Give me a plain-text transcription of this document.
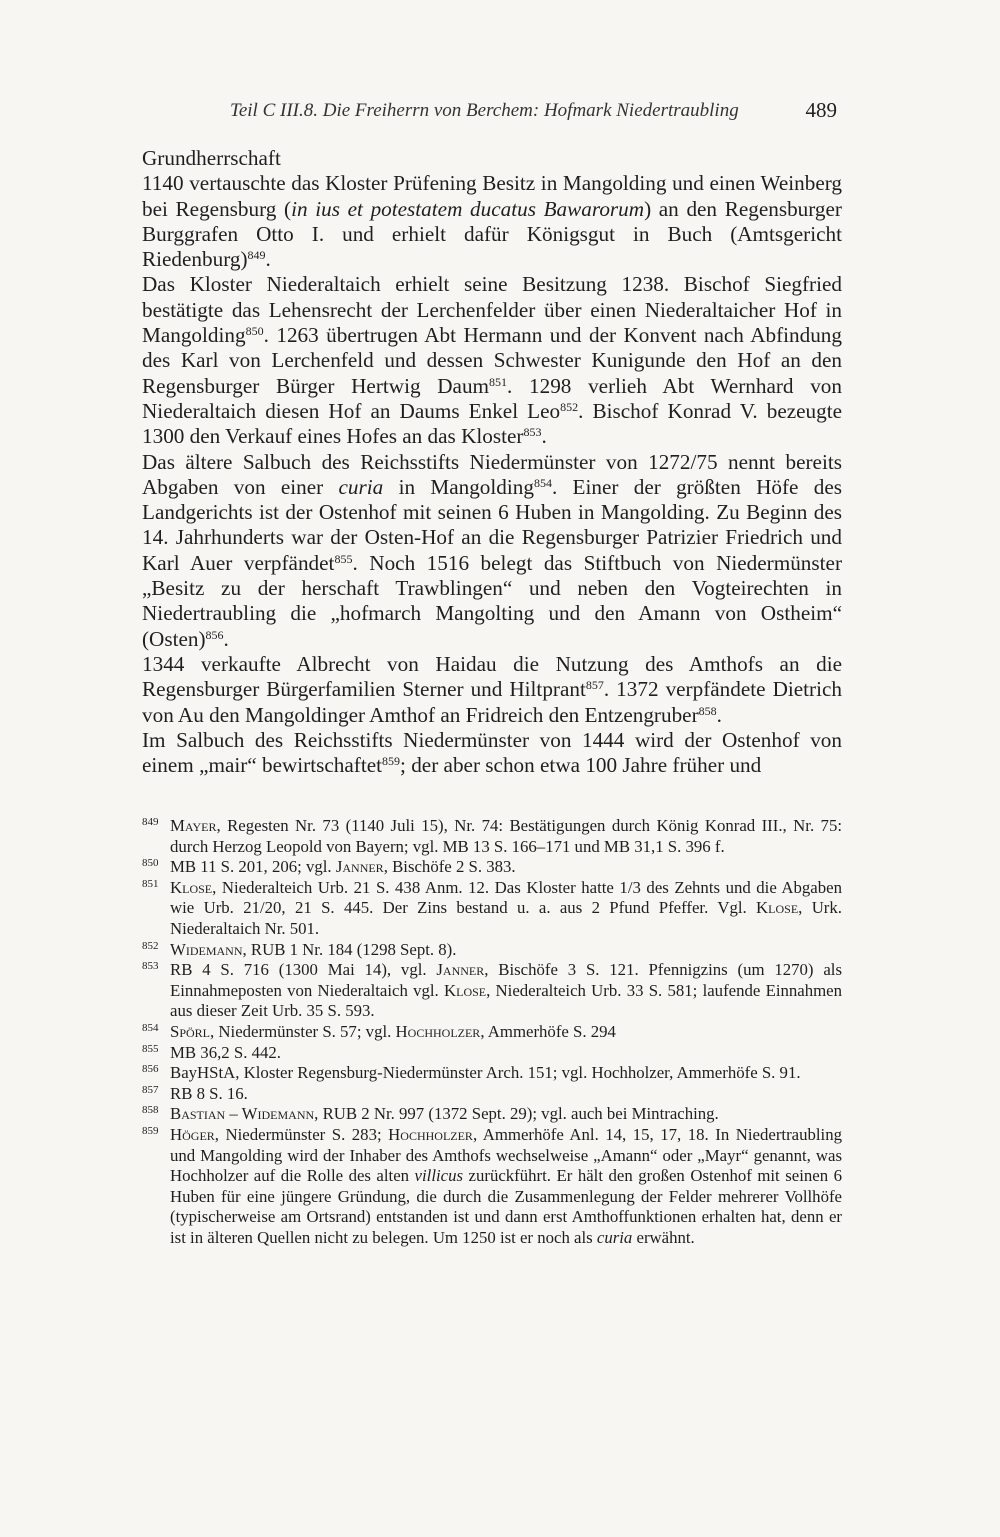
Teil C III.8. Die Freiherrn von Berchem: Hofmark Niedertraubling	489

Grundherrschaft

1140 vertauschte das Kloster Prüfening Besitz in Mangolding und einen Weinberg bei Regensburg (in ius et potestatem ducatus Bawarorum) an den Regensburger Burggrafen Otto I. und erhielt dafür Königsgut in Buch (Amtsgericht Riedenburg)$^{849}$.

Das Kloster Niederaltaich erhielt seine Besitzung 1238. Bischof Siegfried bestätigte das Lehensrecht der Lerchenfelder über einen Niederaltaicher Hof in Mangolding$^{850}$. 1263 übertrugen Abt Hermann und der Konvent nach Abfindung des Karl von Lerchenfeld und dessen Schwester Kunigunde den Hof an den Regensburger Bürger Hertwig Daum$^{851}$. 1298 verlieh Abt Wernhard von Niederaltaich diesen Hof an Daums Enkel Leo$^{852}$. Bischof Konrad V. bezeugte 1300 den Verkauf eines Hofes an das Kloster$^{853}$.

Das ältere Salbuch des Reichsstifts Niedermünster von 1272/75 nennt bereits Abgaben von einer curia in Mangolding$^{854}$. Einer der größten Höfe des Landgerichts ist der Ostenhof mit seinen 6 Huben in Mangolding. Zu Beginn des 14. Jahrhunderts war der Osten-Hof an die Regensburger Patrizier Friedrich und Karl Auer verpfändet$^{855}$. Noch 1516 belegt das Stiftbuch von Niedermünster „Besitz zu der herschaft Trawblingen“ und neben den Vogteirechten in Niedertraubling die „hofmarch Mangolting und den Amann von Ostheim“ (Osten)$^{856}$.

1344 verkaufte Albrecht von Haidau die Nutzung des Amthofs an die Regensburger Bürgerfamilien Sterner und Hiltprant$^{857}$. 1372 verpfändete Dietrich von Au den Mangoldinger Amthof an Fridreich den Entzengruber$^{858}$.

Im Salbuch des Reichsstifts Niedermünster von 1444 wird der Ostenhof von einem „mair“ bewirtschaftet$^{859}$; der aber schon etwa 100 Jahre früher und

849 Mayer, Regesten Nr. 73 (1140 Juli 15), Nr. 74: Bestätigungen durch König Konrad III., Nr. 75: durch Herzog Leopold von Bayern; vgl. MB 13 S. 166–171 und MB 31,1 S. 396 f.

850 MB 11 S. 201, 206; vgl. Janner, Bischöfe 2 S. 383.

851 Klose, Niederalteich Urb. 21 S. 438 Anm. 12. Das Kloster hatte 1/3 des Zehnts und die Abgaben wie Urb. 21/20, 21 S. 445. Der Zins bestand u. a. aus 2 Pfund Pfeffer. Vgl. Klose, Urk. Niederaltaich Nr. 501.

852 Widemann, RUB 1 Nr. 184 (1298 Sept. 8).

853 RB 4 S. 716 (1300 Mai 14), vgl. Janner, Bischöfe 3 S. 121. Pfennigzins (um 1270) als Einnahmeposten von Niederaltaich vgl. Klose, Niederalteich Urb. 33 S. 581; laufende Einnahmen aus dieser Zeit Urb. 35 S. 593.

854 Spörl, Niedermünster S. 57; vgl. Hochholzer, Ammerhöfe S. 294

855 MB 36,2 S. 442.

856 BayHStA, Kloster Regensburg-Niedermünster Arch. 151; vgl. Hochholzer, Ammerhöfe S. 91.

857 RB 8 S. 16.

858 Bastian – Widemann, RUB 2 Nr. 997 (1372 Sept. 29); vgl. auch bei Mintraching.

859 Höger, Niedermünster S. 283; Hochholzer, Ammerhöfe Anl. 14, 15, 17, 18. In Niedertraubling und Mangolding wird der Inhaber des Amthofs wechselweise „Amann“ oder „Mayr“ genannt, was Hochholzer auf die Rolle des alten villicus zurückführt. Er hält den großen Ostenhof mit seinen 6 Huben für eine jüngere Gründung, die durch die Zusammenlegung der Felder mehrerer Vollhöfe (typischerweise am Ortsrand) entstanden ist und dann erst Amthoffunktionen erhalten hat, denn er ist in älteren Quellen nicht zu belegen. Um 1250 ist er noch als curia erwähnt.
